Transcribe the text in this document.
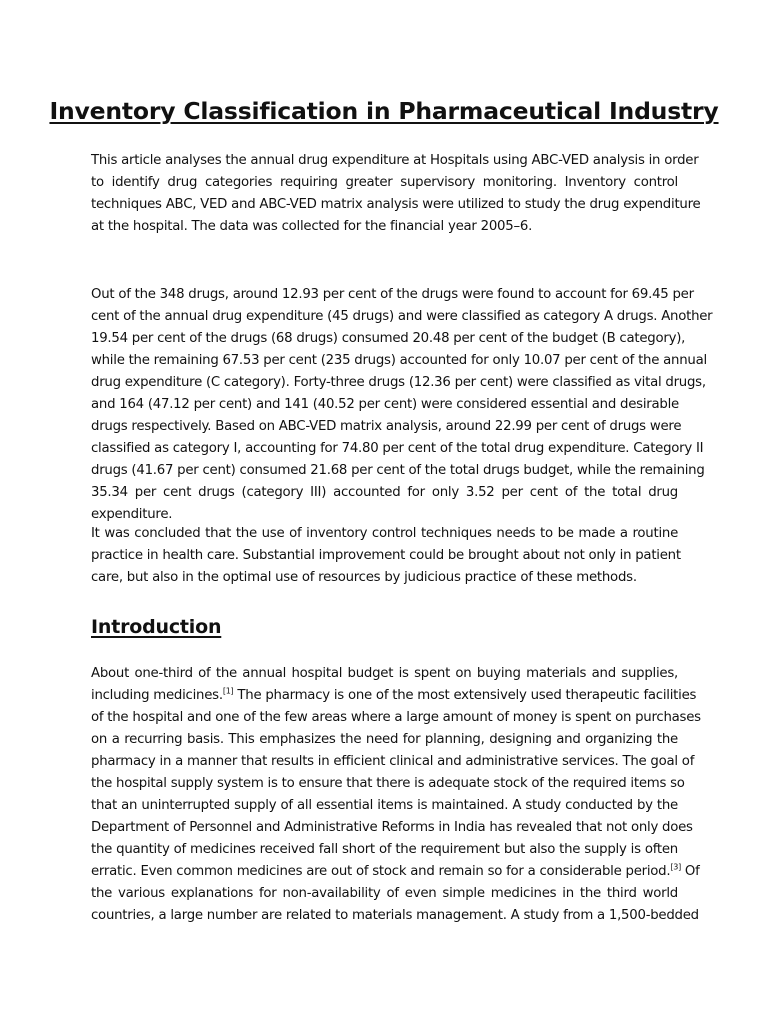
Inventory Classification in Pharmaceutical Industry

This article analyses the annual drug expenditure at Hospitals using ABC-VED analysis in order
to identify drug categories requiring greater supervisory monitoring. Inventory control
techniques ABC, VED and ABC-VED matrix analysis were utilized to study the drug expenditure
at the hospital. The data was collected for the financial year 2005–6.

Out of the 348 drugs, around 12.93 per cent of the drugs were found to account for 69.45 per
cent of the annual drug expenditure (45 drugs) and were classified as category A drugs. Another
19.54 per cent of the drugs (68 drugs) consumed 20.48 per cent of the budget (B category),
while the remaining 67.53 per cent (235 drugs) accounted for only 10.07 per cent of the annual
drug expenditure (C category). Forty-three drugs (12.36 per cent) were classified as vital drugs,
and 164 (47.12 per cent) and 141 (40.52 per cent) were considered essential and desirable
drugs respectively. Based on ABC-VED matrix analysis, around 22.99 per cent of drugs were
classified as category I, accounting for 74.80 per cent of the total drug expenditure. Category II
drugs (41.67 per cent) consumed 21.68 per cent of the total drugs budget, while the remaining
35.34 per cent drugs (category III) accounted for only 3.52 per cent of the total drug
expenditure.

It was concluded that the use of inventory control techniques needs to be made a routine
practice in health care. Substantial improvement could be brought about not only in patient
care, but also in the optimal use of resources by judicious practice of these methods.

Introduction

About one-third of the annual hospital budget is spent on buying materials and supplies,
including medicines.[1] The pharmacy is one of the most extensively used therapeutic facilities
of the hospital and one of the few areas where a large amount of money is spent on purchases
on a recurring basis. This emphasizes the need for planning, designing and organizing the
pharmacy in a manner that results in efficient clinical and administrative services. The goal of
the hospital supply system is to ensure that there is adequate stock of the required items so
that an uninterrupted supply of all essential items is maintained. A study conducted by the
Department of Personnel and Administrative Reforms in India has revealed that not only does
the quantity of medicines received fall short of the requirement but also the supply is often
erratic. Even common medicines are out of stock and remain so for a considerable period.[3] Of
the various explanations for non-availability of even simple medicines in the third world
countries, a large number are related to materials management. A study from a 1,500-bedded
